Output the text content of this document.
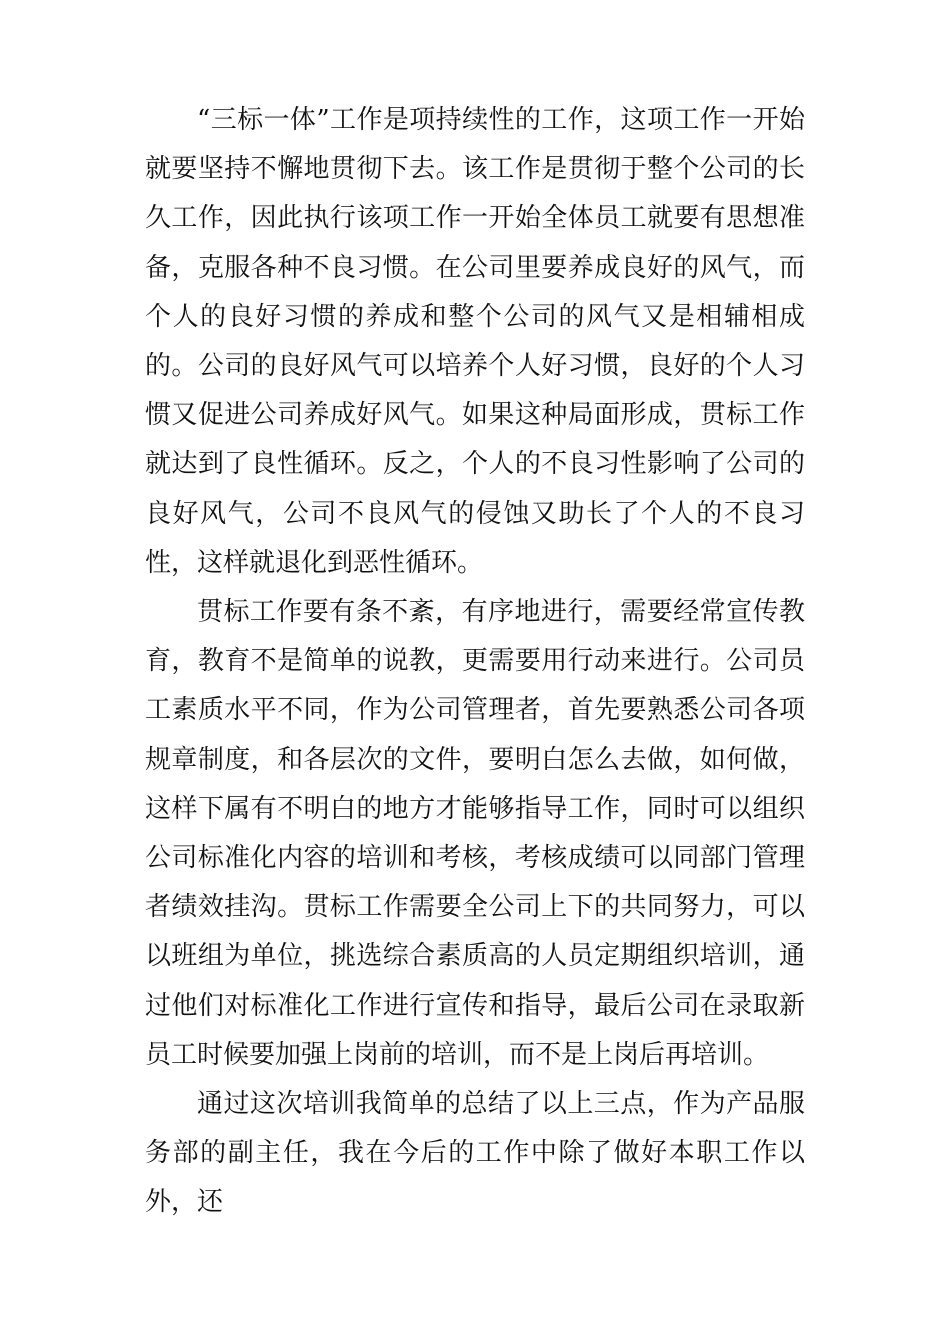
“三标一体”工作是项持续性的工作，这项工作一开始就要坚持不懈地贯彻下去。该工作是贯彻于整个公司的长久工作，因此执行该项工作一开始全体员工就要有思想准备，克服各种不良习惯。在公司里要养成良好的风气，而个人的良好习惯的养成和整个公司的风气又是相辅相成的。公司的良好风气可以培养个人好习惯，良好的个人习惯又促进公司养成好风气。如果这种局面形成，贯标工作就达到了良性循环。反之，个人的不良习性影响了公司的良好风气，公司不良风气的侵蚀又助长了个人的不良习性，这样就退化到恶性循环。

贯标工作要有条不紊，有序地进行，需要经常宣传教育，教育不是简单的说教，更需要用行动来进行。公司员工素质水平不同，作为公司管理者，首先要熟悉公司各项规章制度，和各层次的文件，要明白怎么去做，如何做，这样下属有不明白的地方才能够指导工作，同时可以组织公司标准化内容的培训和考核，考核成绩可以同部门管理者绩效挂沟。贯标工作需要全公司上下的共同努力，可以以班组为单位，挑选综合素质高的人员定期组织培训，通过他们对标准化工作进行宣传和指导，最后公司在录取新员工时候要加强上岗前的培训，而不是上岗后再培训。

通过这次培训我简单的总结了以上三点，作为产品服务部的副主任，我在今后的工作中除了做好本职工作以外，还
